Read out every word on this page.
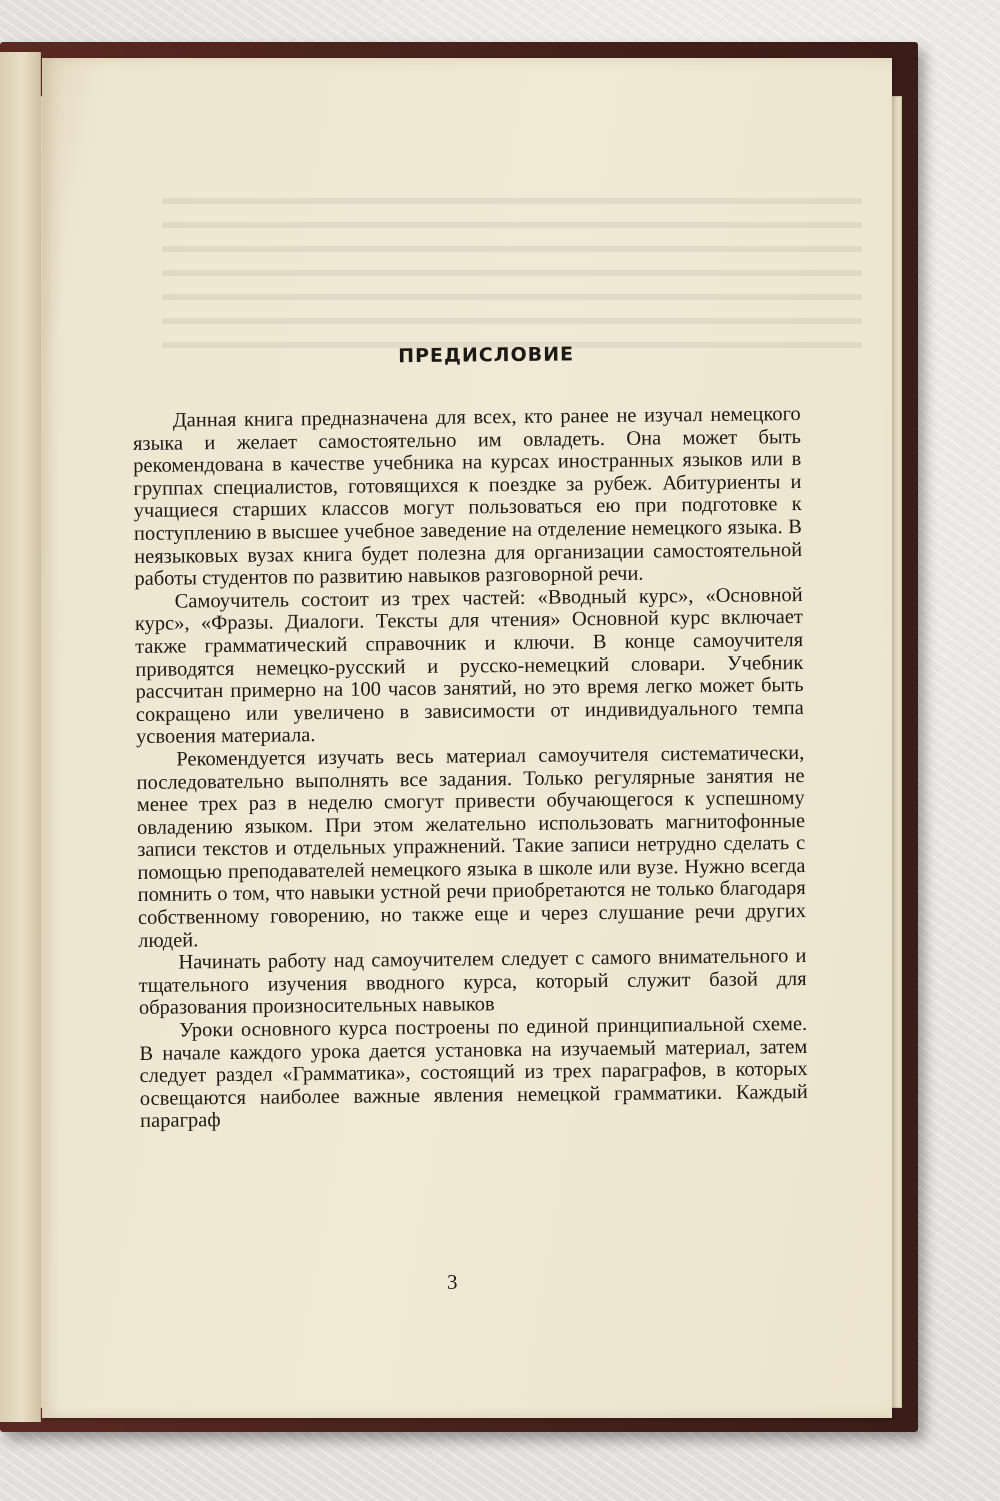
ПРЕДИСЛОВИЕ

Данная книга предназначена для всех, кто ранее не изучал немецкого языка и желает самостоятельно им овладеть. Она может быть рекомендована в качестве учебника на курсах иностранных языков или в группах специалистов, готовящихся к поездке за рубеж. Абитуриенты и учащиеся старших классов могут пользоваться ею при подготовке к поступлению в высшее учебное заведение на отделение немецкого языка. В неязыковых вузах книга будет полезна для организации самостоятельной работы студентов по развитию навыков разговорной речи.

Самоучитель состоит из трех частей: «Вводный курс», «Основной курс», «Фразы. Диалоги. Тексты для чтения» Основной курс включает также грамматический справочник и ключи. В конце самоучителя приводятся немецко-русский и русско-немецкий словари. Учебник рассчитан примерно на 100 часов занятий, но это время легко может быть сокращено или увеличено в зависимости от индивидуального темпа усвоения материала.

Рекомендуется изучать весь материал самоучителя систематически, последовательно выполнять все задания. Только регулярные занятия не менее трех раз в неделю смогут привести обучающегося к успешному овладению языком. При этом желательно использовать магнитофонные записи текстов и отдельных упражнений. Такие записи нетрудно сделать с помощью преподавателей немецкого языка в школе или вузе. Нужно всегда помнить о том, что навыки устной речи приобретаются не только благодаря собственному говорению, но также еще и через слушание речи других людей.

Начинать работу над самоучителем следует с самого внимательного и тщательного изучения вводного курса, который служит базой для образования произносительных навыков

Уроки основного курса построены по единой принципиальной схеме. В начале каждого урока дается установка на изучаемый материал, затем следует раздел «Грамматика», состоящий из трех параграфов, в которых освещаются наиболее важные явления немецкой грамматики. Каждый параграф

3
